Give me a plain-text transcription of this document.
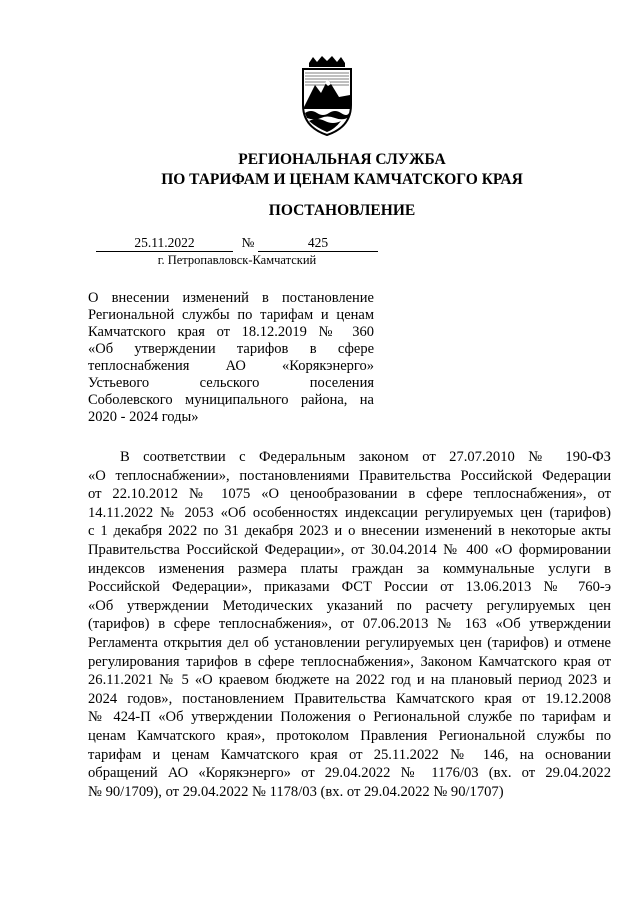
РЕГИОНАЛЬНАЯ СЛУЖБА
ПО ТАРИФАМ И ЦЕНАМ КАМЧАТСКОГО КРАЯ
ПОСТАНОВЛЕНИЕ
25.11.2022	№	425
г. Петропавловск-Камчатский
О внесении изменений в постановление
Региональной службы по тарифам и ценам
Камчатского края от 18.12.2019 № 360
«Об утверждении тарифов в сфере
теплоснабжения АО «Корякэнерго»
Устьевого сельского поселения
Соболевского муниципального района, на
2020 - 2024 годы»
В соответствии с Федеральным законом от 27.07.2010 № 190-ФЗ
«О теплоснабжении», постановлениями Правительства Российской Федерации
от 22.10.2012 № 1075 «О ценообразовании в сфере теплоснабжения», от
14.11.2022 № 2053 «Об особенностях индексации регулируемых цен (тарифов)
с 1 декабря 2022 по 31 декабря 2023 и о внесении изменений в некоторые акты
Правительства Российской Федерации», от 30.04.2014 № 400 «О формировании
индексов изменения размера платы граждан за коммунальные услуги в
Российской Федерации», приказами ФСТ России от 13.06.2013 № 760-э
«Об утверждении Методических указаний по расчету регулируемых цен
(тарифов) в сфере теплоснабжения», от 07.06.2013 № 163 «Об утверждении
Регламента открытия дел об установлении регулируемых цен (тарифов) и отмене
регулирования тарифов в сфере теплоснабжения», Законом Камчатского края от
26.11.2021 № 5 «О краевом бюджете на 2022 год и на плановый период 2023 и
2024 годов», постановлением Правительства Камчатского края от 19.12.2008
№ 424-П «Об утверждении Положения о Региональной службе по тарифам и
ценам Камчатского края», протоколом Правления Региональной службы по
тарифам и ценам Камчатского края от 25.11.2022 № 146, на основании
обращений АО «Корякэнерго» от 29.04.2022 № 1176/03 (вх. от 29.04.2022
№ 90/1709), от 29.04.2022 № 1178/03 (вх. от 29.04.2022 № 90/1707)
